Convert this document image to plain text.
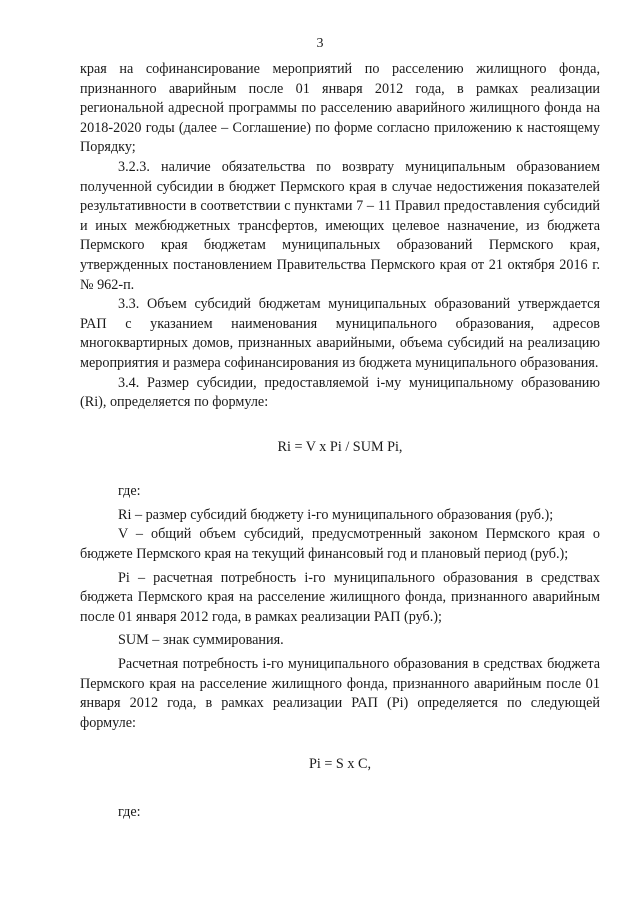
3

края на софинансирование мероприятий по расселению жилищного фонда, признанного аварийным после 01 января 2012 года, в рамках реализации региональной адресной программы по расселению аварийного жилищного фонда на 2018-2020 годы (далее – Соглашение) по форме согласно приложению к настоящему Порядку;

3.2.3. наличие обязательства по возврату муниципальным образованием полученной субсидии в бюджет Пермского края в случае недостижения показателей результативности в соответствии с пунктами 7 – 11 Правил предоставления субсидий и иных межбюджетных трансфертов, имеющих целевое назначение, из бюджета Пермского края бюджетам муниципальных образований Пермского края, утвержденных постановлением Правительства Пермского края от 21 октября 2016 г. № 962-п.

3.3. Объем субсидий бюджетам муниципальных образований утверждается РАП с указанием наименования муниципального образования, адресов многоквартирных домов, признанных аварийными, объема субсидий на реализацию мероприятия и размера софинансирования из бюджета муниципального образования.

3.4. Размер субсидии, предоставляемой i-му муниципальному образованию (Ri), определяется по формуле:

Ri = V x Pi / SUM Pi,

где:

Ri – размер субсидий бюджету i-го муниципального образования (руб.);

V – общий объем субсидий, предусмотренный законом Пермского края о бюджете Пермского края на текущий финансовый год и плановый период (руб.);

Pi – расчетная потребность i-го муниципального образования в средствах бюджета Пермского края на расселение жилищного фонда, признанного аварийным после 01 января 2012 года, в рамках реализации РАП (руб.);

SUM – знак суммирования.

Расчетная потребность i-го муниципального образования в средствах бюджета Пермского края на расселение жилищного фонда, признанного аварийным после 01 января 2012 года, в рамках реализации РАП (Pi) определяется по следующей формуле:

Pi = S x C,

где:
